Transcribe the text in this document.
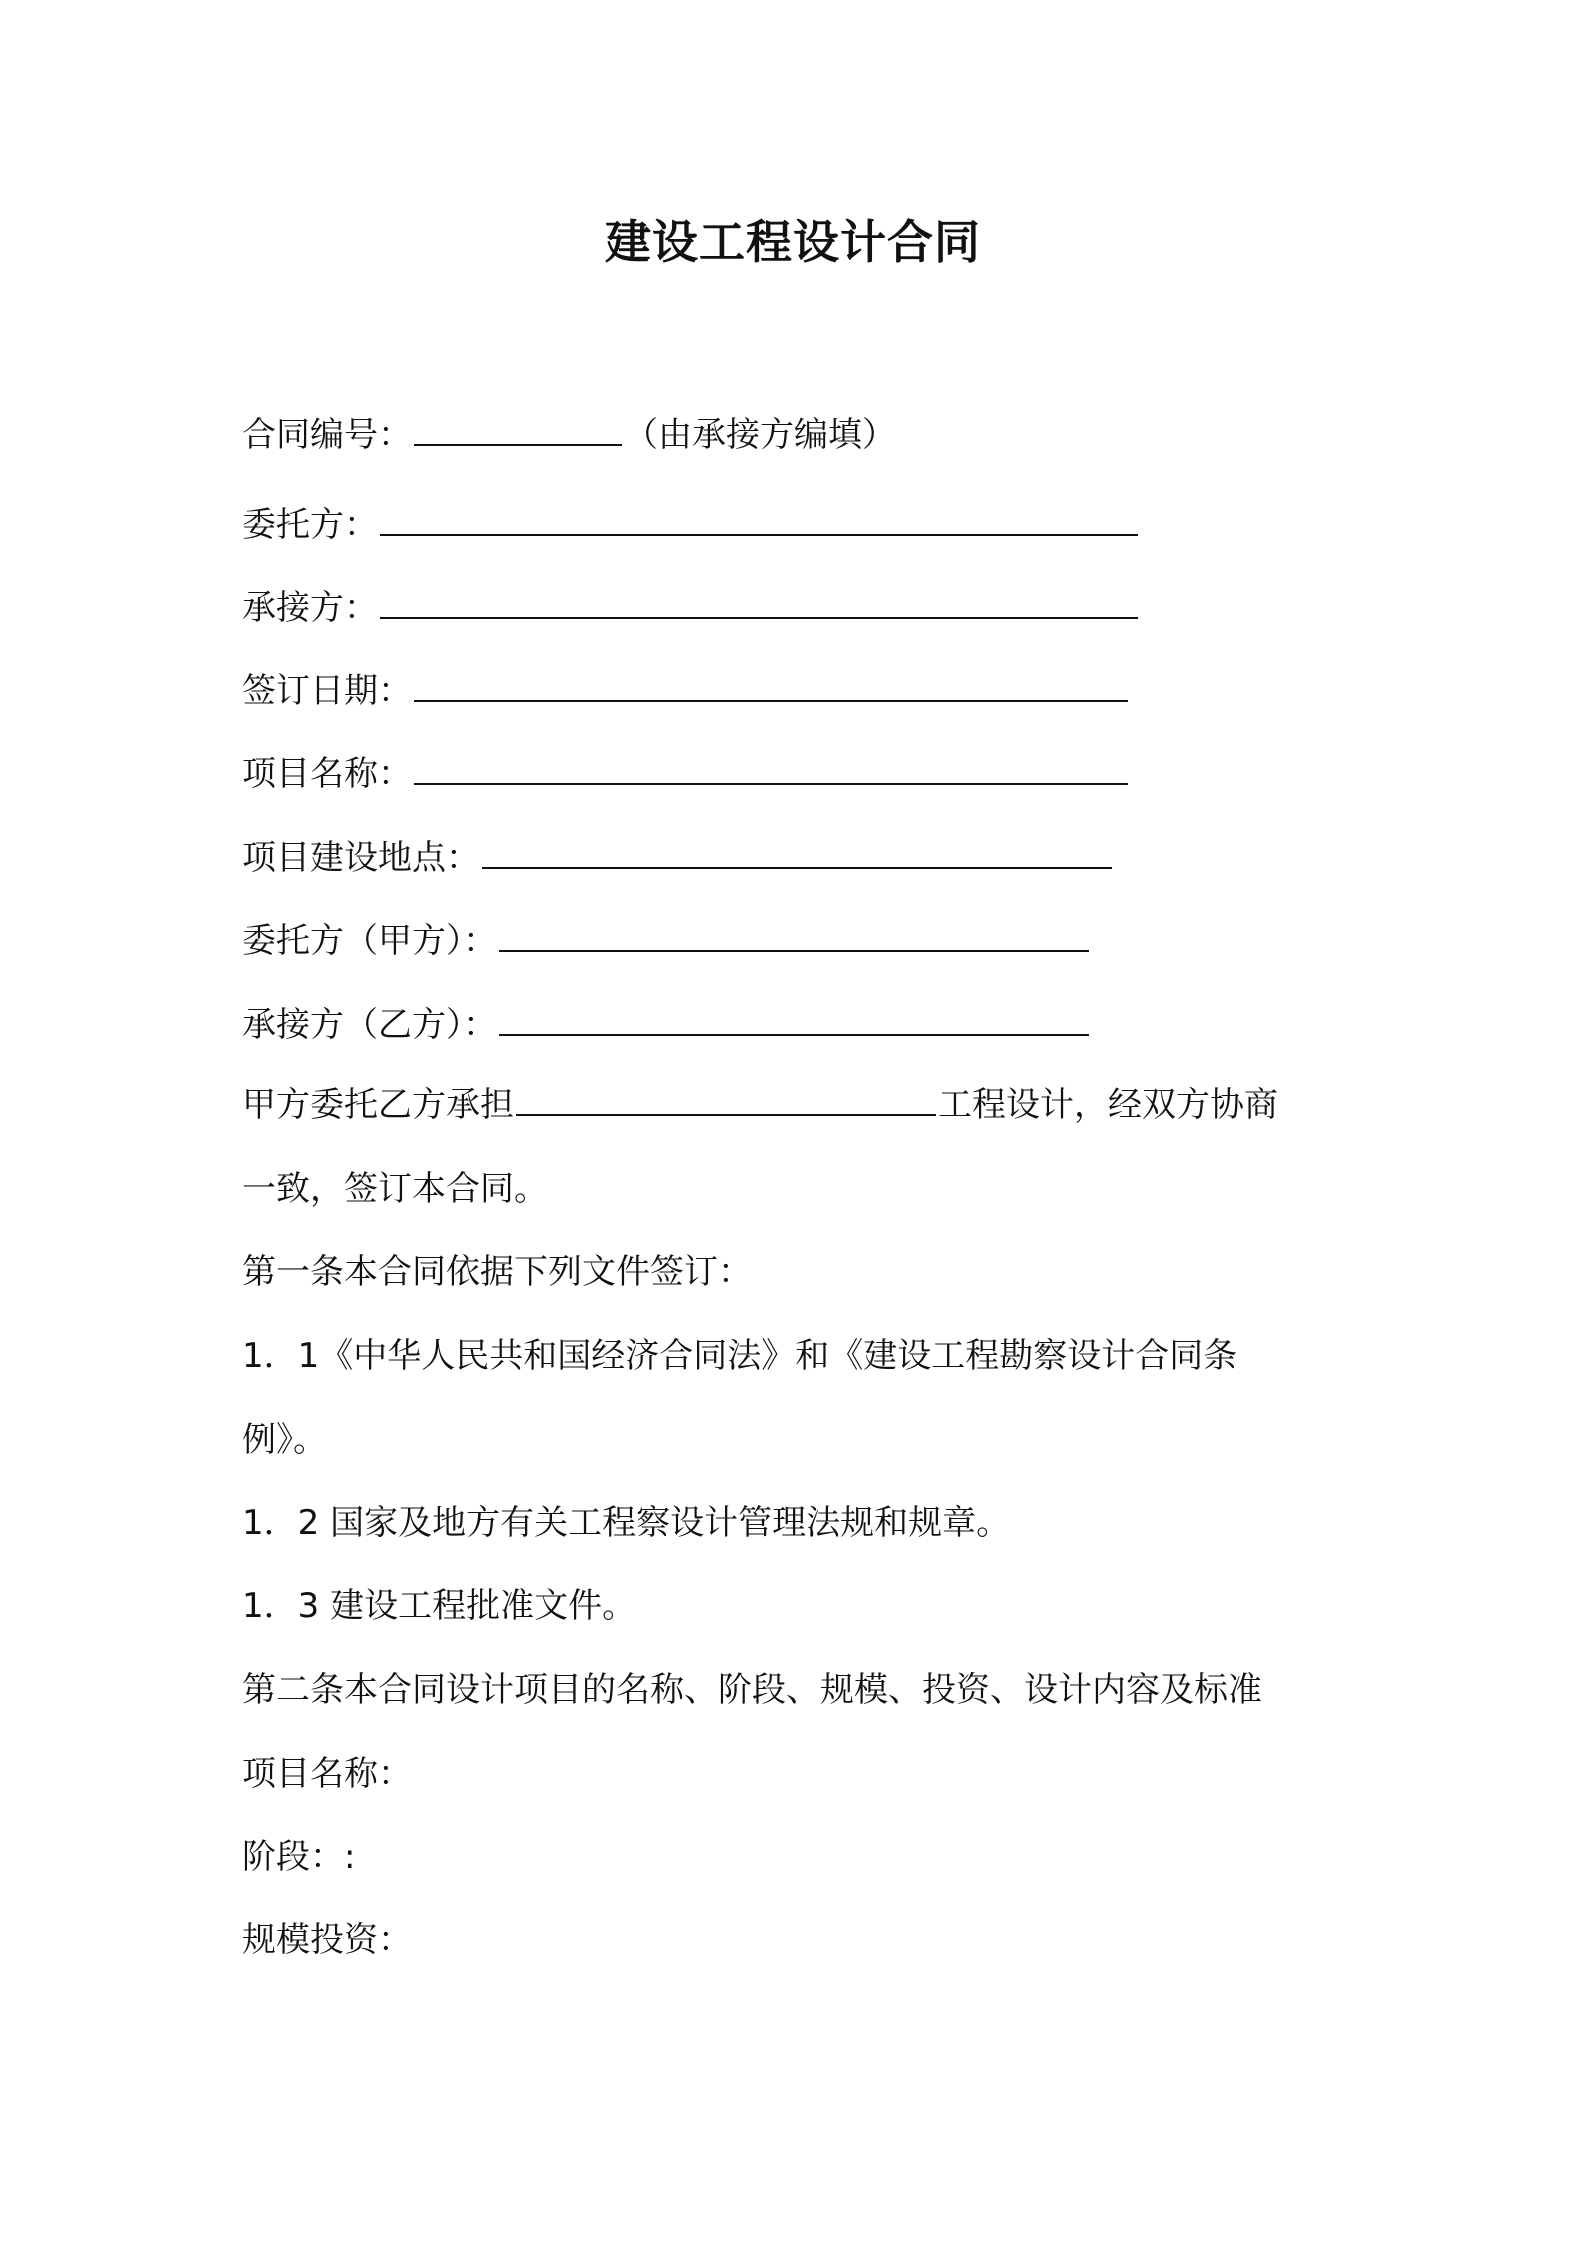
建设工程设计合同
合同编号：	（由承接方编填）
委托方：
承接方：
签订日期：
项目名称：
项目建设地点：
委托方（甲方）：
承接方（乙方）：
甲方委托乙方承担	工程设计，经双方协商
一致，签订本合同。
第一条本合同依据下列文件签订：
1．1《中华人民共和国经济合同法》和《建设工程勘察设计合同条
例》。
1．2 国家及地方有关工程察设计管理法规和规章。
1．3 建设工程批准文件。
第二条本合同设计项目的名称、阶段、规模、投资、设计内容及标准
项目名称：
阶段：:
规模投资：
